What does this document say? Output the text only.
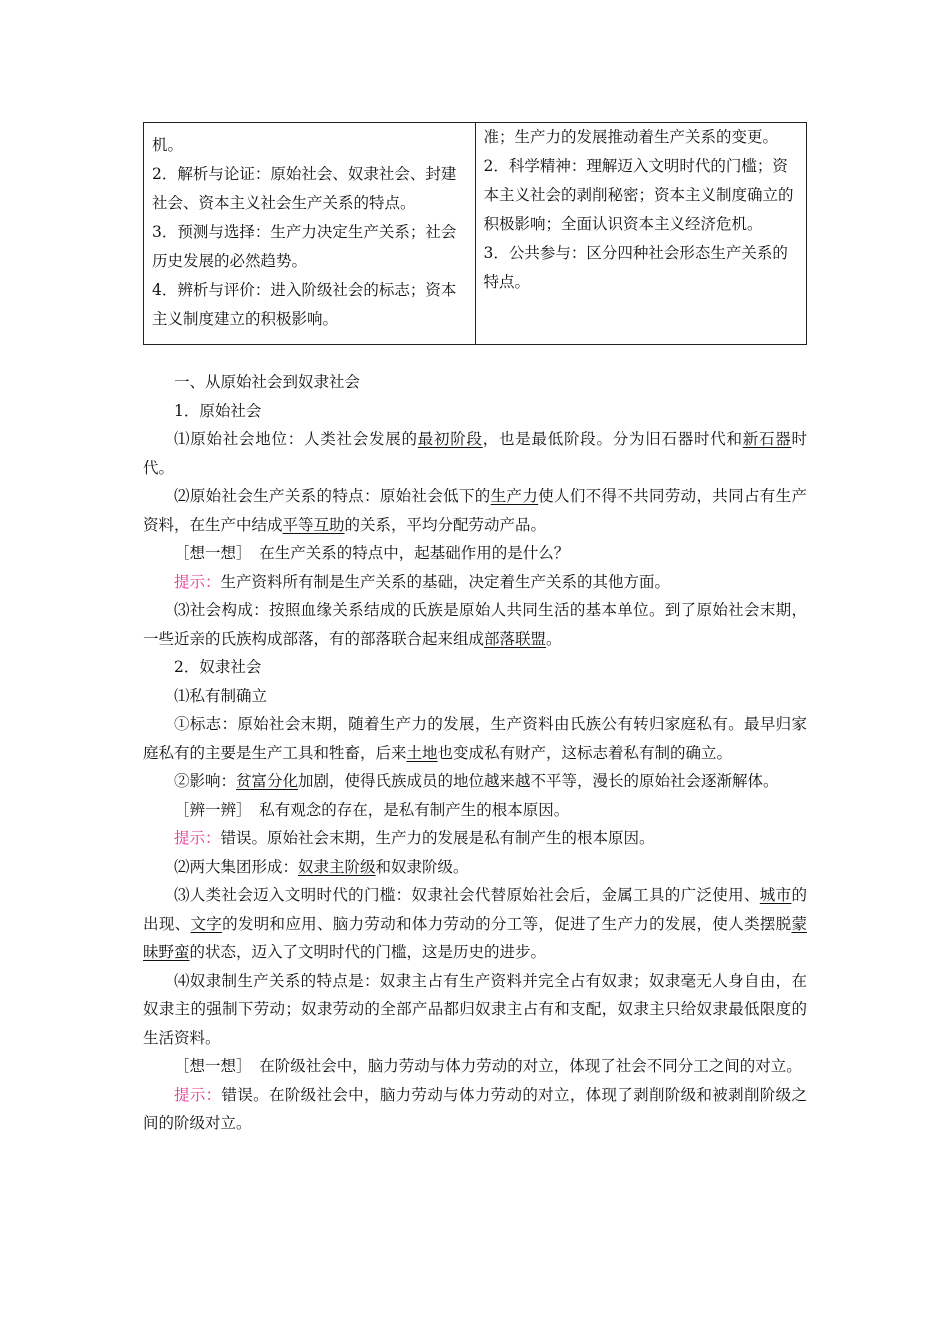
机。
2．解析与论证：原始社会、奴隶社会、封建社会、资本主义社会生产关系的特点。
3．预测与选择：生产力决定生产关系；社会历史发展的必然趋势。
4．辨析与评价：进入阶级社会的标志；资本主义制度建立的积极影响。

准；生产力的发展推动着生产关系的变更。
2．科学精神：理解迈入文明时代的门槛；资本主义社会的剥削秘密；资本主义制度确立的积极影响；全面认识资本主义经济危机。
3．公共参与：区分四种社会形态生产关系的特点。

一、从原始社会到奴隶社会

1．原始社会

⑴原始社会地位：人类社会发展的最初阶段，也是最低阶段。分为旧石器时代和新石器时代。

⑵原始社会生产关系的特点：原始社会低下的生产力使人们不得不共同劳动，共同占有生产资料，在生产中结成平等互助的关系，平均分配劳动产品。

［想一想］　在生产关系的特点中，起基础作用的是什么？

提示：生产资料所有制是生产关系的基础，决定着生产关系的其他方面。

⑶社会构成：按照血缘关系结成的氏族是原始人共同生活的基本单位。到了原始社会末期，一些近亲的氏族构成部落，有的部落联合起来组成部落联盟。

2．奴隶社会

⑴私有制确立

①标志：原始社会末期，随着生产力的发展，生产资料由氏族公有转归家庭私有。最早归家庭私有的主要是生产工具和牲畜，后来土地也变成私有财产，这标志着私有制的确立。

②影响：贫富分化加剧，使得氏族成员的地位越来越不平等，漫长的原始社会逐渐解体。

［辨一辨］　私有观念的存在，是私有制产生的根本原因。

提示：错误。原始社会末期，生产力的发展是私有制产生的根本原因。

⑵两大集团形成：奴隶主阶级和奴隶阶级。

⑶人类社会迈入文明时代的门槛：奴隶社会代替原始社会后，金属工具的广泛使用、城市的出现、文字的发明和应用、脑力劳动和体力劳动的分工等，促进了生产力的发展，使人类摆脱蒙昧野蛮的状态，迈入了文明时代的门槛，这是历史的进步。

⑷奴隶制生产关系的特点是：奴隶主占有生产资料并完全占有奴隶；奴隶毫无人身自由，在奴隶主的强制下劳动；奴隶劳动的全部产品都归奴隶主占有和支配，奴隶主只给奴隶最低限度的生活资料。

［想一想］　在阶级社会中，脑力劳动与体力劳动的对立，体现了社会不同分工之间的对立。

提示：错误。在阶级社会中，脑力劳动与体力劳动的对立，体现了剥削阶级和被剥削阶级之间的阶级对立。
